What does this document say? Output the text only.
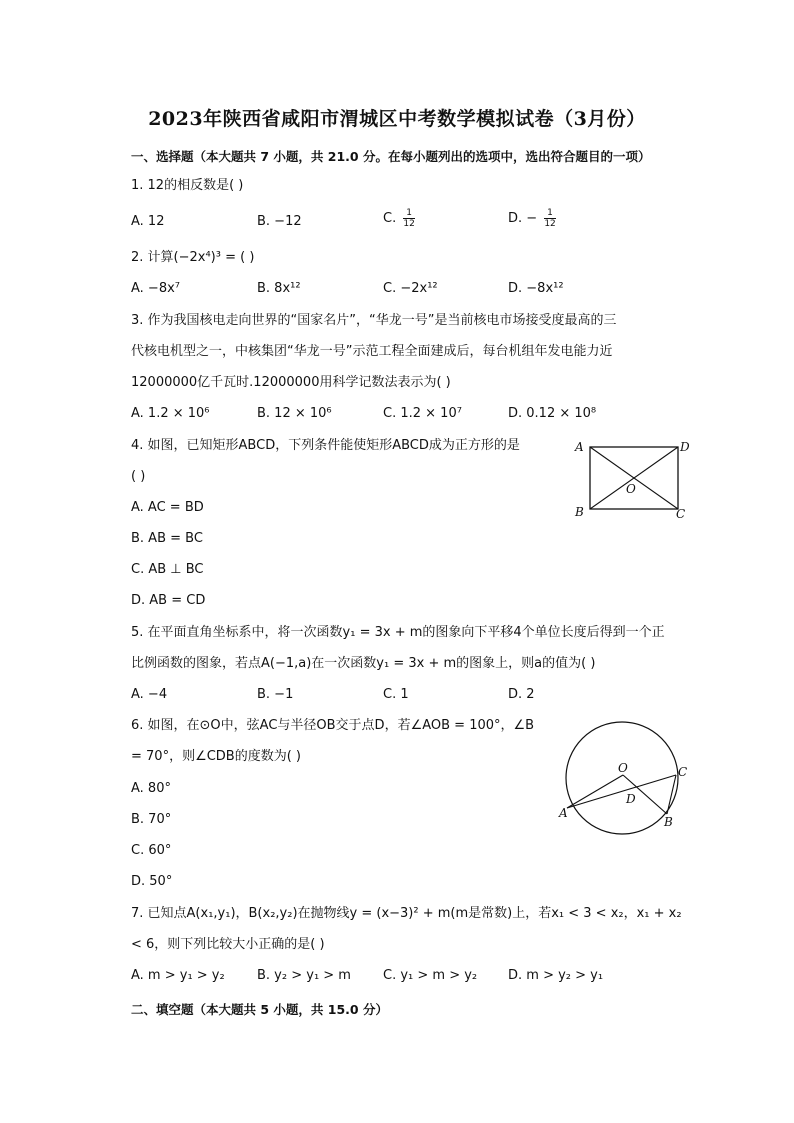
2023年陕西省咸阳市渭城区中考数学模拟试卷（3月份）
一、选择题（本大题共 7 小题，共 21.0 分。在每小题列出的选项中，选出符合题目的一项）
1. 12的相反数是( )
A. 12	B. −12	C. $\frac{1}{12}$	D. − $\frac{1}{12}$
2. 计算(−2x⁴)³ = ( )
A. −8x⁷	B. 8x¹²	C. −2x¹²	D. −8x¹²
3. 作为我国核电走向世界的“国家名片”，“华龙一号”是当前核电市场接受度最高的三
代核电机型之一，中核集团“华龙一号”示范工程全面建成后，每台机组年发电能力近
12000000亿千瓦时.12000000用科学记数法表示为( )
A. 1.2 × 10⁶	B. 12 × 10⁶	C. 1.2 × 10⁷	D. 0.12 × 10⁸
4. 如图，已知矩形ABCD，下列条件能使矩形ABCD成为正方形的是
( )
A. AC = BD
B. AB = BC
C. AB ⊥ BC
D. AB = CD
A	D
B	C
O
5. 在平面直角坐标系中，将一次函数y₁ = 3x + m的图象向下平移4个单位长度后得到一个正
比例函数的图象，若点A(−1,a)在一次函数y₁ = 3x + m的图象上，则a的值为( )
A. −4	B. −1	C. 1	D. 2
6. 如图，在⊙O中，弦AC与半径OB交于点D，若∠AOB = 100°，∠B
= 70°，则∠CDB的度数为( )
A. 80°
B. 70°
C. 60°
D. 50°
O
A
B
C
D
7. 已知点A(x₁,y₁)，B(x₂,y₂)在抛物线y = (x−3)² + m(m是常数)上，若x₁ < 3 < x₂，x₁ + x₂
< 6，则下列比较大小正确的是( )
A. m > y₁ > y₂ B. y₂ > y₁ > m C. y₁ > m > y₂ D. m > y₂ > y₁
二、填空题（本大题共 5 小题，共 15.0 分）
